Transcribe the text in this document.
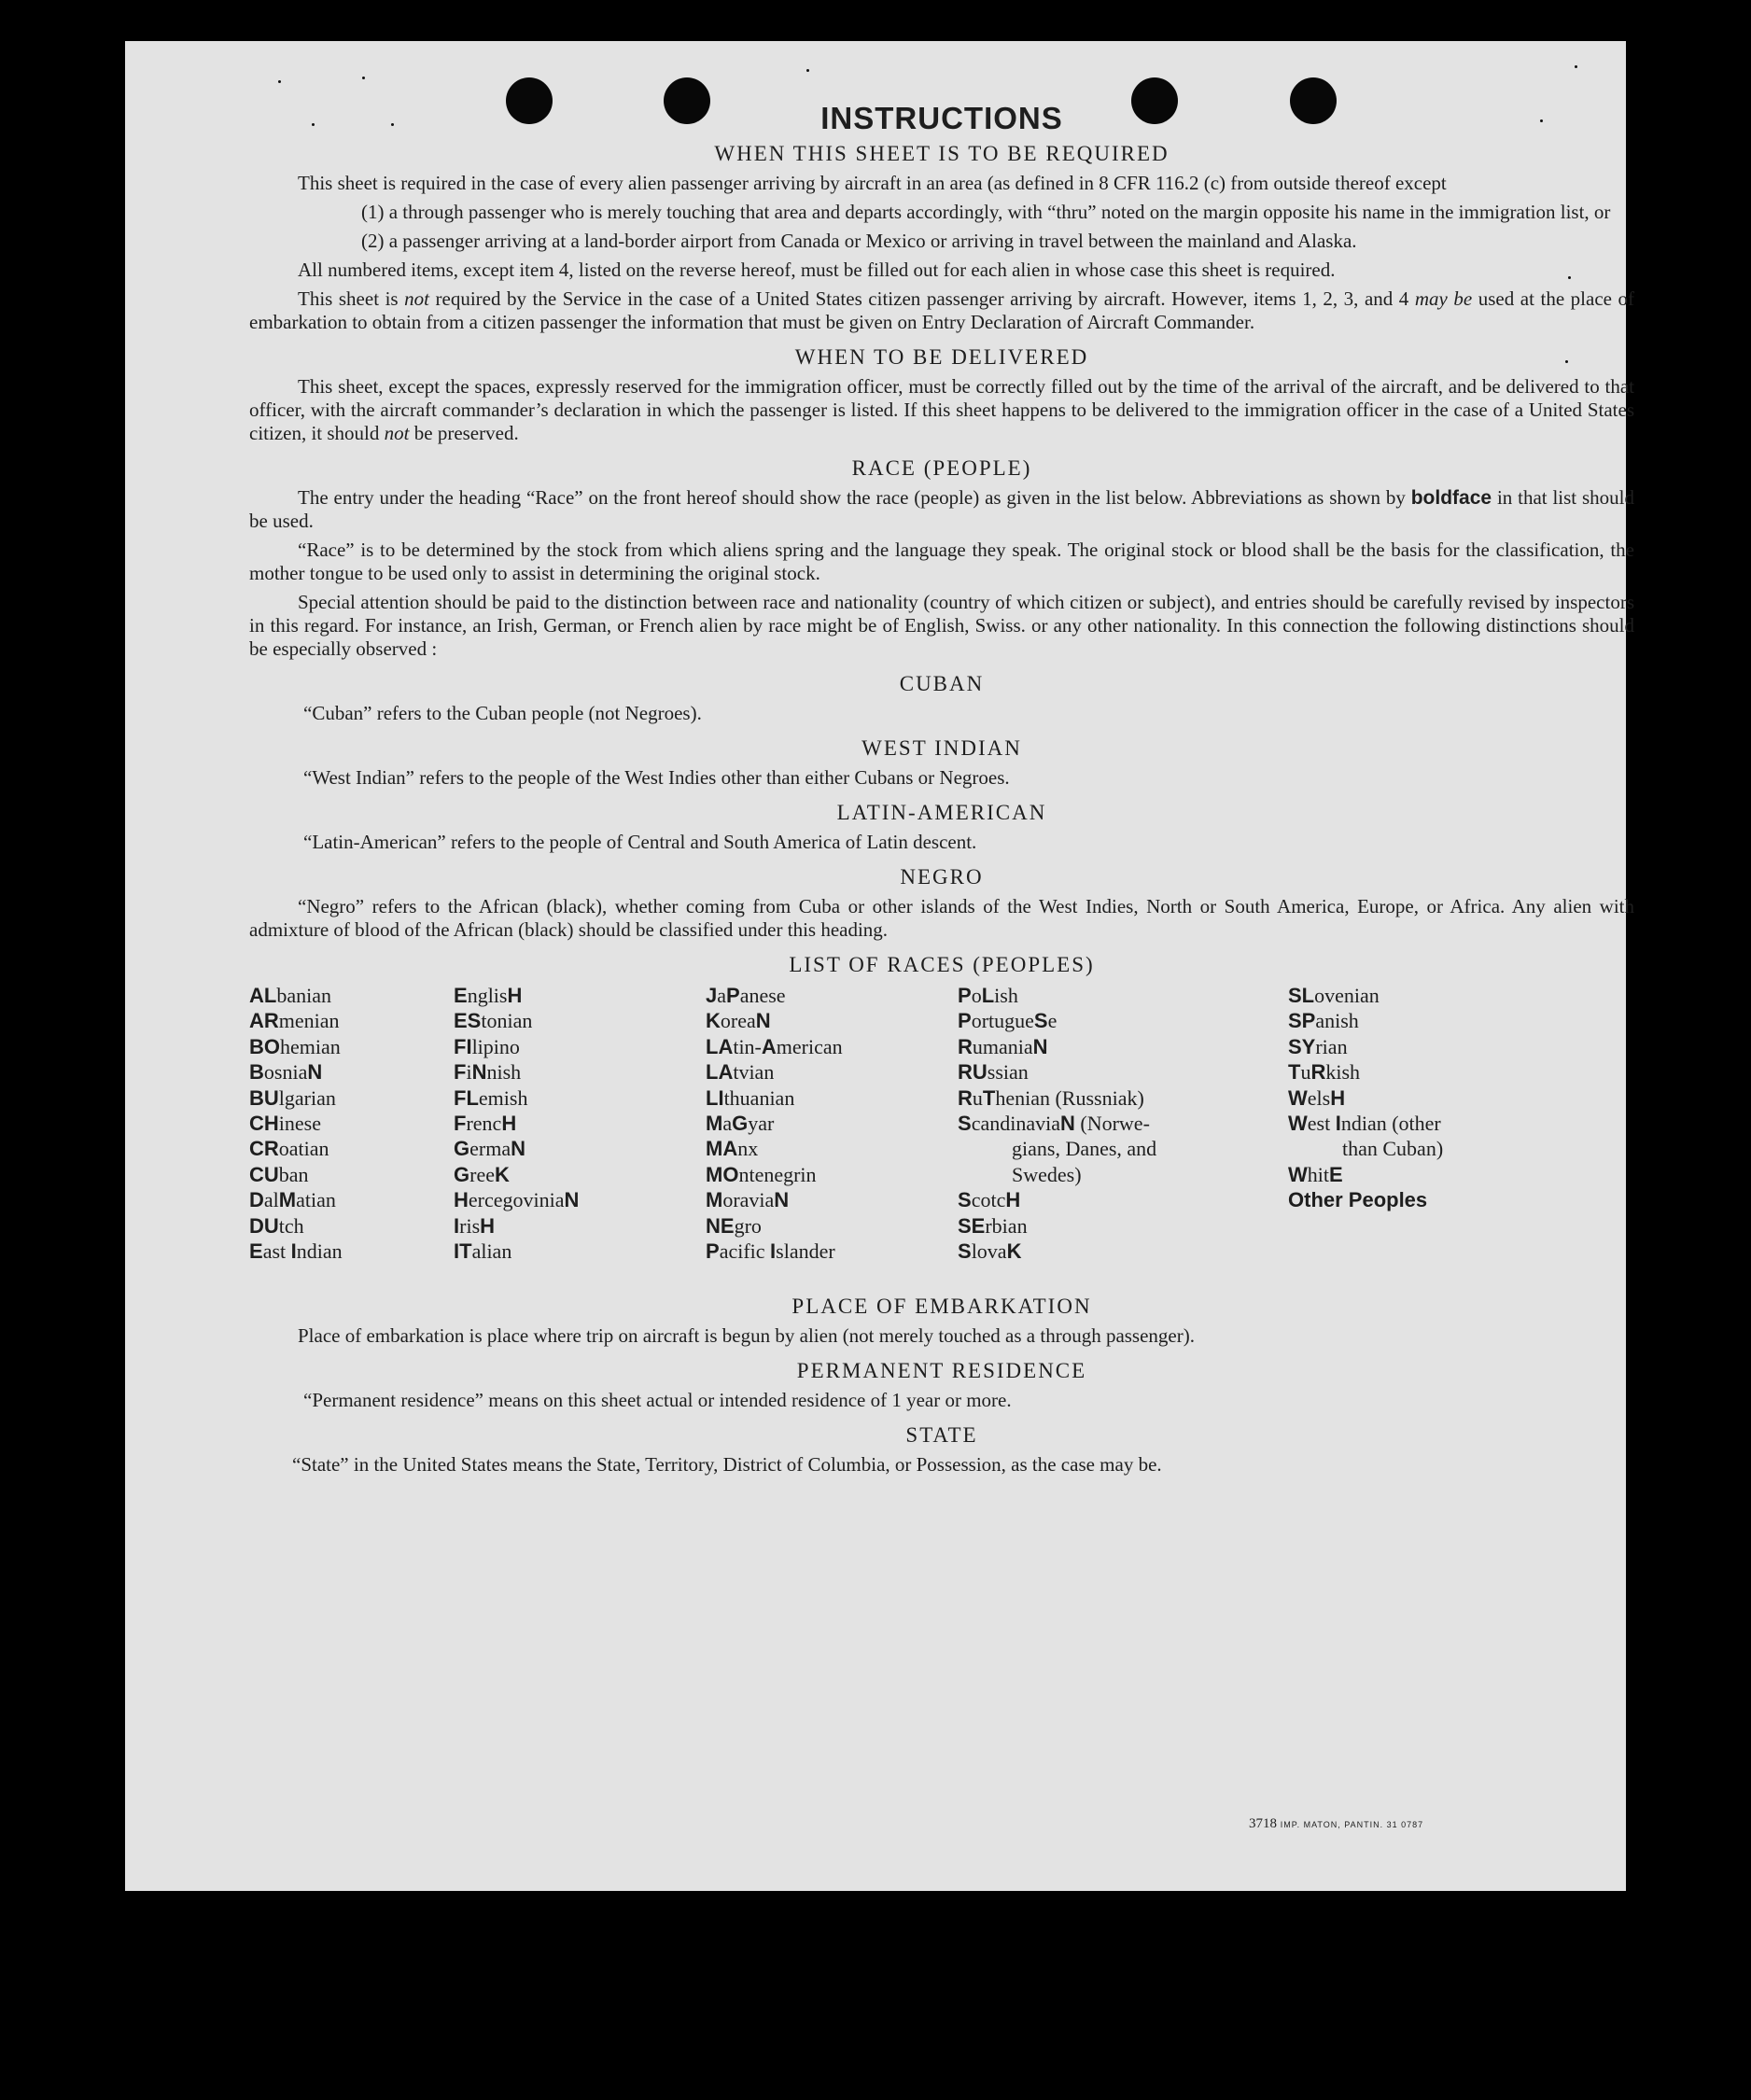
INSTRUCTIONS
WHEN THIS SHEET IS TO BE REQUIRED

This sheet is required in the case of every alien passenger arriving by aircraft in an area (as defined in 8 CFR 116.2 (c) from outside thereof except

(1) a through passenger who is merely touching that area and departs accordingly, with “thru” noted on the margin opposite his name in the immigration list, or

(2) a passenger arriving at a land-border airport from Canada or Mexico or arriving in travel between the mainland and Alaska.

All numbered items, except item 4, listed on the reverse hereof, must be filled out for each alien in whose case this sheet is required.

This sheet is not required by the Service in the case of a United States citizen passenger arriving by aircraft. However, items 1, 2, 3, and 4 may be used at the place of embarkation to obtain from a citizen passenger the information that must be given on Entry Declaration of Aircraft Commander.

WHEN TO BE DELIVERED

This sheet, except the spaces, expressly reserved for the immigration officer, must be correctly filled out by the time of the arrival of the aircraft, and be delivered to that officer, with the aircraft commander’s declaration in which the passenger is listed. If this sheet happens to be delivered to the immigration officer in the case of a United States citizen, it should not be preserved.

RACE (PEOPLE)

The entry under the heading “Race” on the front hereof should show the race (people) as given in the list below. Abbreviations as shown by boldface in that list should be used.

“Race” is to be determined by the stock from which aliens spring and the language they speak. The original stock or blood shall be the basis for the classification, the mother tongue to be used only to assist in determining the original stock.

Special attention should be paid to the distinction between race and nationality (country of which citizen or subject), and entries should be carefully revised by inspectors in this regard. For instance, an Irish, German, or French alien by race might be of English, Swiss. or any other nationality. In this connection the following distinctions should be especially observed :

CUBAN

“Cuban” refers to the Cuban people (not Negroes).

WEST INDIAN

“West Indian” refers to the people of the West Indies other than either Cubans or Negroes.

LATIN-AMERICAN

“Latin-American” refers to the people of Central and South America of Latin descent.

NEGRO

“Negro” refers to the African (black), whether coming from Cuba or other islands of the West Indies, North or South America, Europe, or Africa. Any alien with admixture of blood of the African (black) should be classified under this heading.

LIST OF RACES (PEOPLES)
ALbanian
ARmenian
BOhemian
BosniaN
BUlgarian
CHinese
CRoatian
CUban
DalMatian
DUtch
East Indian
EnglisH
EStonian
FIlipino
FiNnish
FLemish
FrencH
GermaN
GreeK
HercegoviniaN
IrisH
ITalian
JaPanese
KoreaN
LAtin-American
LAtvian
LIthuanian
MaGyar
MAnx
MOntenegrin
MoraviaN
NEgro
Pacific Islander
PoLish
PortugueSe
RumaniaN
RUssian
RuThenian (Russniak)
ScandinaviaN (Norwe-
gians, Danes, and
Swedes)
ScotcH
SErbian
SlovaK
SLovenian
SPanish
SYrian
TuRkish
WelsH
West Indian (other
than Cuban)
WhitE
Other Peoples
PLACE OF EMBARKATION

Place of embarkation is place where trip on aircraft is begun by alien (not merely touched as a through passenger).

PERMANENT RESIDENCE

“Permanent residence” means on this sheet actual or intended residence of 1 year or more.

STATE

“State” in the United States means the State, Territory, District of Columbia, or Possession, as the case may be.

3718 IMP. MATON, PANTIN. 31 0787
